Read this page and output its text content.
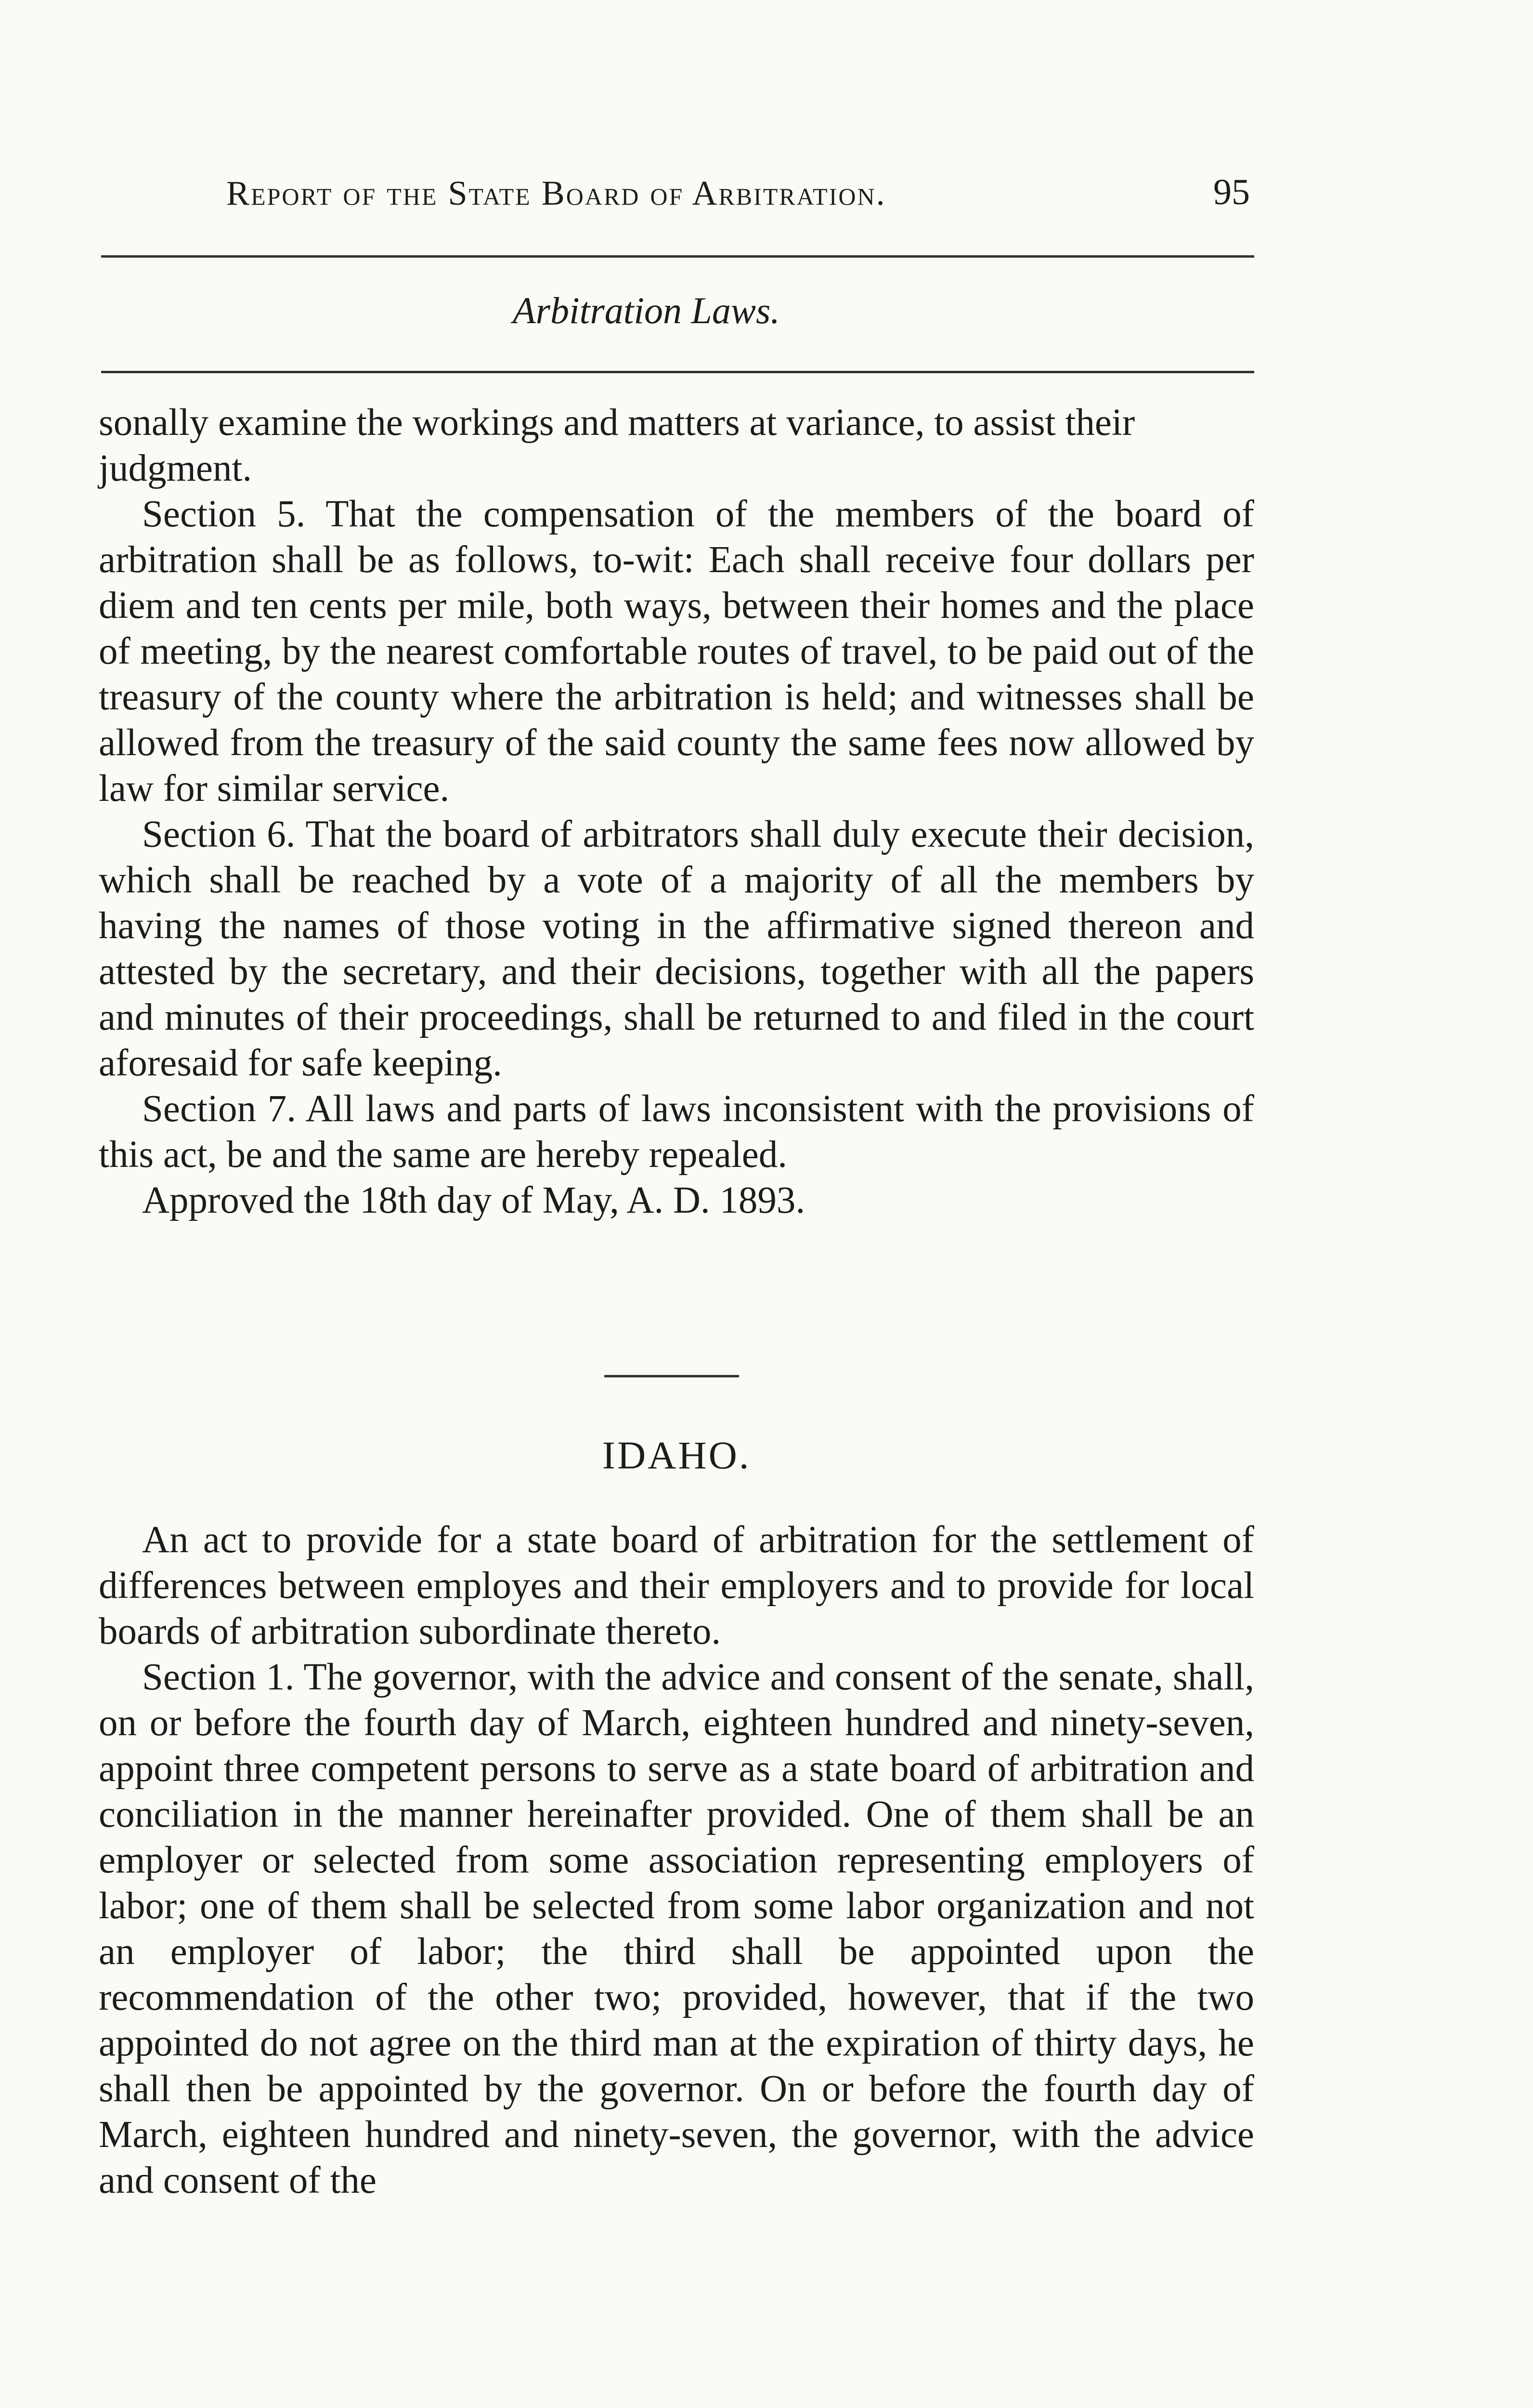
Report of the State Board of Arbitration.	95
Arbitration Laws.

sonally examine the workings and matters at variance, to assist their judgment.

Section 5. That the compensation of the members of the board of arbitration shall be as follows, to-wit: Each shall receive four dollars per diem and ten cents per mile, both ways, between their homes and the place of meeting, by the nearest comfortable routes of travel, to be paid out of the treasury of the county where the arbitration is held; and witnesses shall be allowed from the treasury of the said county the same fees now allowed by law for similar service.

Section 6. That the board of arbitrators shall duly execute their decision, which shall be reached by a vote of a majority of all the members by having the names of those voting in the affirmative signed thereon and attested by the secretary, and their decisions, together with all the papers and minutes of their proceedings, shall be returned to and filed in the court aforesaid for safe keeping.

Section 7. All laws and parts of laws inconsistent with the provisions of this act, be and the same are hereby repealed.

Approved the 18th day of May, A. D. 1893.

IDAHO.

An act to provide for a state board of arbitration for the settlement of differences between employes and their employers and to provide for local boards of arbitration subordinate thereto.

Section 1. The governor, with the advice and consent of the senate, shall, on or before the fourth day of March, eighteen hundred and ninety-seven, appoint three competent persons to serve as a state board of arbitration and conciliation in the manner hereinafter provided. One of them shall be an employer or selected from some association representing employers of labor; one of them shall be selected from some labor organization and not an employer of labor; the third shall be appointed upon the recommendation of the other two; provided, however, that if the two appointed do not agree on the third man at the expiration of thirty days, he shall then be appointed by the governor. On or before the fourth day of March, eighteen hundred and ninety-seven, the governor, with the advice and consent of the
